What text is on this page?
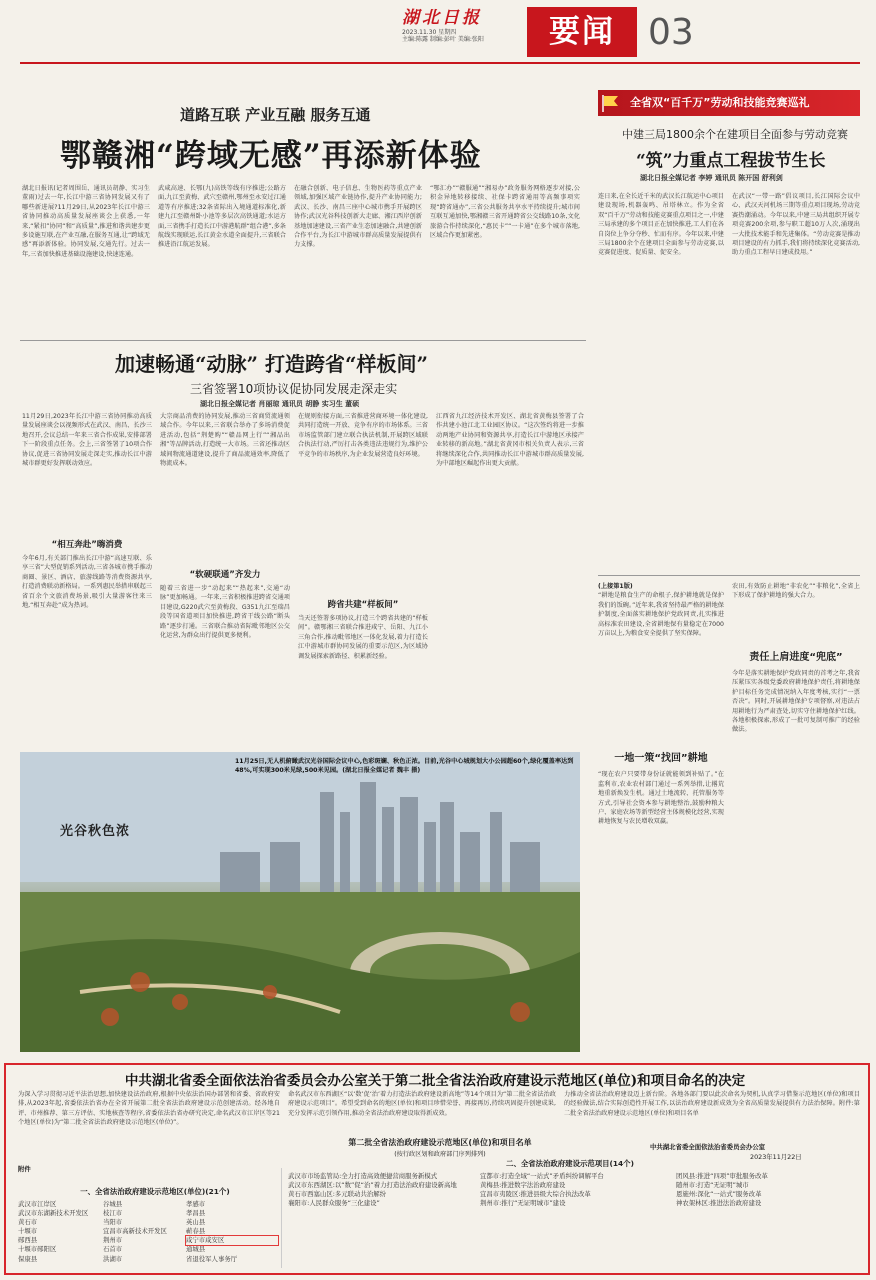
湖北日报
2023.11.30 星期四
主编:陈露 制编:彭叶 美编:张阳	要闻 03
道路互联 产业互融 服务互通
鄂赣湘“跨域无感”再添新体验
湖北日报讯(记者周围岳、通讯员胡静、实习生董雨)过去一年,长江中游三省协同发展又有了哪些新进展?11月29日,从2023年长江中游三省协同推动高质量发展座谈会上获悉,一年来,“紧扣”协同“和“高质量”,推进和谐共建步更多设施互联,在产业互融,在服务互通,让“跨域无感”再添新体验。协同发展,交通先行。过去一年,三省加快推进基础设施建设,快速连通。
武咸高速、长鄂(九)高铁等线有序推进;公路方面,九江至黄梅、武穴至赣州,鄂州至永安过江通道等有序推进;32条省际出入境通道标准化,新建九江至赣州卧小池等多层次高铁通道;水运方面,三省携手打造长江中游港航群“组合港”,多条航线实现联运,长江黄金水道全面提升,三省联合推进沿江航运发展。
在融合创新、电子信息、生物医药等重点产业领域,加强区域产业链协作,提升产业协同能力;武汉、长沙、南昌三座中心城市携手开展跨区协作;武汉光谷科技创新大走廊、湘江西岸创新基地加速建设,三省产业生态加速融合,共建创新合作平台,为长江中游城市群高质量发展提供有力支撑。
“鄂汇办”“赣服通”“湘易办”政务服务网格逐步对接,公积金异地转移接续、社保卡跨省通用等高频事项实现“跨省通办”,三省公共服务共享水平持续提升;城市间互联互通加快,鄂湘赣三省开通跨省公交线路10条,文化旅游合作持续深化,“惠民卡”“一卡通”在多个城市落地,区域合作更加紧密。
加速畅通“动脉” 打造跨省“样板间”
三省签署10项协议促协同发展走深走实
湖北日报全媒记者 肖丽琼 通讯员 胡静 实习生 董硕
11月29日,2023年长江中游三省协同推动高质量发展座谈会以视频形式在武汉、南昌、长沙三地召开,会议总结一年来三省合作成果,安排部署下一阶段重点任务。会上,三省签署了10项合作协议,促进三省协同发展走深走实,推动长江中游城市群更好发挥联动效应。
“相互奔赴”嗨消费
今年6月,有关部门推出长江中游“高速互联、乐享三省”大型促销系列活动,三省各城市携手推动商圈、景区、酒店、旅游线路等消费资源共享,打造消费联动新格局。一系列惠民举措串联起三省百余个文旅消费场景,吸引大量游客往来三地,“相互奔赴”成为热词。
大宗商品消费的协同发展,推动三省商贸流通领域合作。今年以来,三省联合举办了多场消费促进活动,包括“荆楚购”“赣品网上行”“湘品出湘”等品牌活动,打造统一大市场。三省还推动区域间物流通道建设,提升了商品流通效率,降低了物流成本。
“软硬联通”齐发力
随着三省进一步“动起来”“热起来”,交通“动脉”更加畅通。一年来,三省积极推进跨省交通项目建设,G220武穴至黄梅段、G351九江至瑞昌段等国省道项目加快推进,跨省干线公路“断头路”逐步打通。三省联合推动省际毗邻地区公交化运营,为群众出行提供更多便利。
在规则衔接方面,三省推进营商环境一体化建设,共同打造统一开放、竞争有序的市场体系。三省市场监管部门建立联合执法机制,开展跨区域联合执法行动,严厉打击各类违法违规行为,维护公平竞争的市场秩序,为企业发展营造良好环境。
跨省共建“样板间”
当天还签署多项协议,打造三个跨省共建的“样板间”。赣鄂湘三省联合推进咸宁、岳阳、九江小三角合作,推动毗邻地区一体化发展,着力打造长江中游城市群协同发展的重要示范区,为区域协调发展探索新路径、积累新经验。
江西省九江经济技术开发区、湖北省黄梅县签署了合作共建小池江北工业园区协议。“这次签约将进一步推动两地产业协同和资源共享,打造长江中游地区承接产业转移的新高地。”湖北省黄冈市相关负责人表示,三省将继续深化合作,共同推动长江中游城市群高质量发展,为中部地区崛起作出更大贡献。
11月25日,无人机俯瞰武汉光谷国际会议中心,色彩斑斓、秋色正浓。目前,光谷中心城规划大小公园超60个,绿化覆盖率达到48%,可实现300米见绿,500米见园。(湖北日报全媒记者 魏丰 摄)
光谷秋色浓
全省双“百千万”劳动和技能竞赛巡礼
中建三局1800余个在建项目全面参与劳动竞赛
“筑”力重点工程拔节生长
湖北日报全媒记者 李婷 通讯员 陈开国 舒利剑
连日来,在全长近千米的武汉长江航运中心项目建设现场,机器轰鸣、吊塔林立。作为全省双“百千万”劳动和技能竞赛重点项目之一,中建三局承建的多个项目正在加快推进,工人们在各自岗位上争分夺秒、忙而有序。今年以来,中建三局1800余个在建项目全面参与劳动竞赛,以竞赛促进度、促质量、促安全。
在武汉“一带一路”倡议项目,长江国际会议中心、武汉天河机场三期等重点项目现场,劳动竞赛热潮涌动。今年以来,中建三局共组织开展专项竞赛200余项,参与职工超10万人次,涌现出一大批技术能手和先进集体。“劳动竞赛是推动项目建设的有力抓手,我们将持续深化竞赛活动,助力重点工程早日建成投用。”
(上接第1版)
“耕地是粮食生产的命根子,保护耕地就是保护我们的饭碗。”近年来,我省坚持最严格的耕地保护制度,全面落实耕地保护党政同责,扎实推进高标准农田建设,全省耕地保有量稳定在7000万亩以上,为粮食安全提供了坚实保障。
一地一策“找回”耕地
“现在农户只要带身份证就能领到补贴了。”在监利市,农业农村部门通过一系列举措,让撂荒地重新焕发生机。通过土地流转、托管服务等方式,引导社会资本参与耕地整治,鼓励种粮大户、家庭农场等新型经营主体规模化经营,实现耕地恢复与农民增收双赢。
农田,有效防止耕地“非农化”“非粮化”,全省上下形成了保护耕地的强大合力。
责任上肩进度“兜底”
今年是落实耕地保护党政同责的首考之年,我省压紧压实各级党委政府耕地保护责任,将耕地保护目标任务完成情况纳入年度考核,实行“一票否决”。同时,开展耕地保护专项督察,对违法占用耕地行为严肃查处,切实守住耕地保护红线。各地积极探索,形成了一批可复制可推广的经验做法。
中共湖北省委全面依法治省委员会办公室关于第二批全省法治政府建设示范地区(单位)和项目命名的决定
为深入学习贯彻习近平法治思想,加快建设法治政府,根据中央依法治国办部署和省委、省政府安排,从2023年起,省委依法治省办在全省开展第二批全省法治政府建设示范创建活动。经各地自评、市州推荐、第三方评估、实地核查等程序,省委依法治省办研究决定,命名武汉市江岸区等21个地区(单位)为“第二批全省法治政府建设示范地区(单位)”。
命名武汉市东西湖区“以‘数’促‘治’着力打造法治政府建设新高地”等14个项目为“第二批全省法治政府建设示范项目”。希望受到命名的地区(单位)和项目珍惜荣誉、再接再厉,持续巩固提升创建成果,充分发挥示范引领作用,推动全省法治政府建设取得新成效。
力推动全省法治政府建设迈上新台阶。各地各部门要以此次命名为契机,认真学习借鉴示范地区(单位)和项目的经验做法,结合实际创造性开展工作,以法治政府建设新成效为全省高质量发展提供有力法治保障。附件:第二批全省法治政府建设示范地区(单位)和项目名单
中共湖北省委全面依法治省委员会办公室
2023年11月22日
附件
第二批全省法治政府建设示范地区(单位)和项目名单
(按行政区划和政府部门序列排列)
一、全省法治政府建设示范地区(单位)(21个)
二、全省法治政府建设示范项目(14个)
武汉市江岸区
武汉市东湖新技术开发区
黄石市
十堰市
郧西县
十堰市郧阳区
保康县
谷城县
枝江市
当阳市
宜昌市高新技术开发区
荆州市
石首市
洪湖市
孝感市
孝昌县
英山县
蕲春县
咸宁市咸安区
通城县
省退役军人事务厅
武汉市市场监管局:全力打造高效便捷营商服务新模式
武汉市东西湖区:以“数”促“治”着力打造法治政府建设新高地
黄石市西塞山区:多元联动共治解纷
襄阳市:人民群众服务“三化建设”
宜都市:打造全域“一站式”矛盾纠纷调解平台
黄梅县:推进数字法治政府建设
宜昌市夷陵区:推进县级大综合执法改革
荆州市:推行“无证明城市”建设
团风县:推进“四项”审批服务改革
随州市:打造“无证明”城市
恩施州:深化“一站式”服务改革
神农架林区:推进法治政府建设
